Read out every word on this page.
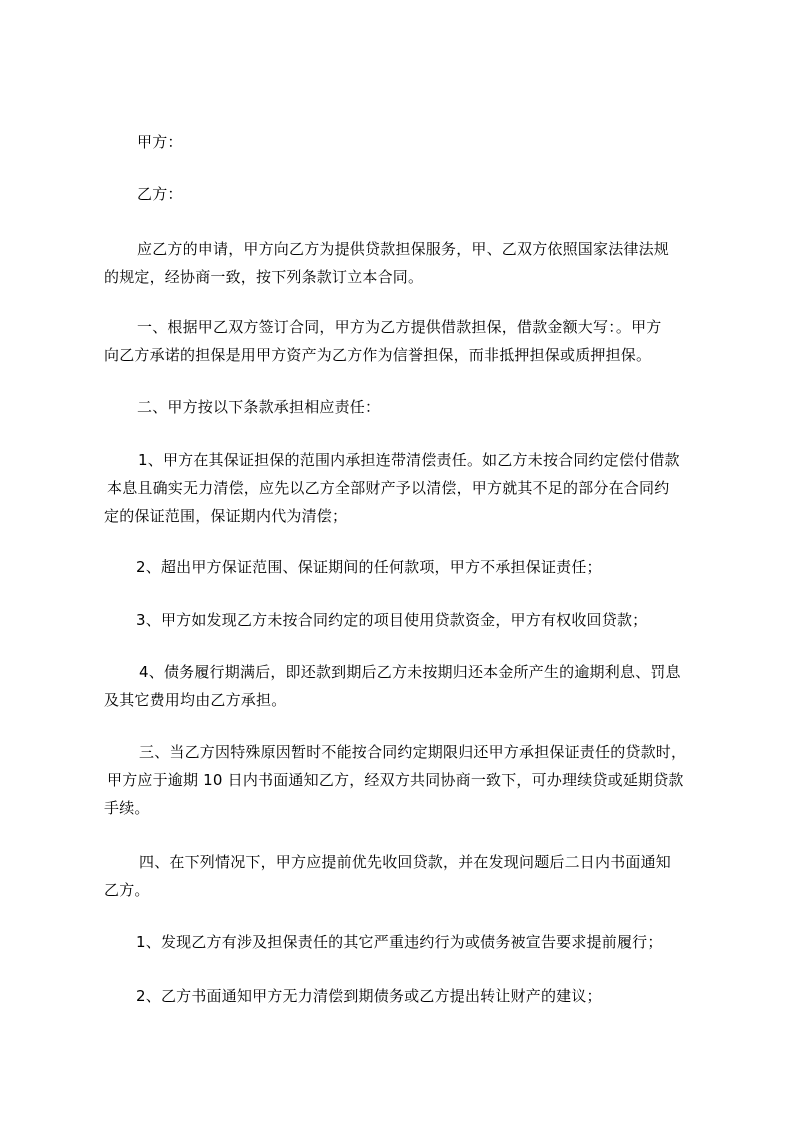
甲方：

乙方：

应乙方的申请，甲方向乙方为提供贷款担保服务，甲、乙双方依照国家法律法规
的规定，经协商一致，按下列条款订立本合同。

一、根据甲乙双方签订合同，甲方为乙方提供借款担保，借款金额大写：。甲方
向乙方承诺的担保是用甲方资产为乙方作为信誉担保，而非抵押担保或质押担保。

二、甲方按以下条款承担相应责任：

1、甲方在其保证担保的范围内承担连带清偿责任。如乙方未按合同约定偿付借款
本息且确实无力清偿，应先以乙方全部财产予以清偿，甲方就其不足的部分在合同约
定的保证范围，保证期内代为清偿；

2、超出甲方保证范围、保证期间的任何款项，甲方不承担保证责任；

3、甲方如发现乙方未按合同约定的项目使用贷款资金，甲方有权收回贷款；

4、债务履行期满后，即还款到期后乙方未按期归还本金所产生的逾期利息、罚息
及其它费用均由乙方承担。

三、当乙方因特殊原因暂时不能按合同约定期限归还甲方承担保证责任的贷款时，
甲方应于逾期 10 日内书面通知乙方，经双方共同协商一致下，可办理续贷或延期贷款
手续。

四、在下列情况下，甲方应提前优先收回贷款，并在发现问题后二日内书面通知
乙方。

1、发现乙方有涉及担保责任的其它严重违约行为或债务被宣告要求提前履行；

2、乙方书面通知甲方无力清偿到期债务或乙方提出转让财产的建议；
